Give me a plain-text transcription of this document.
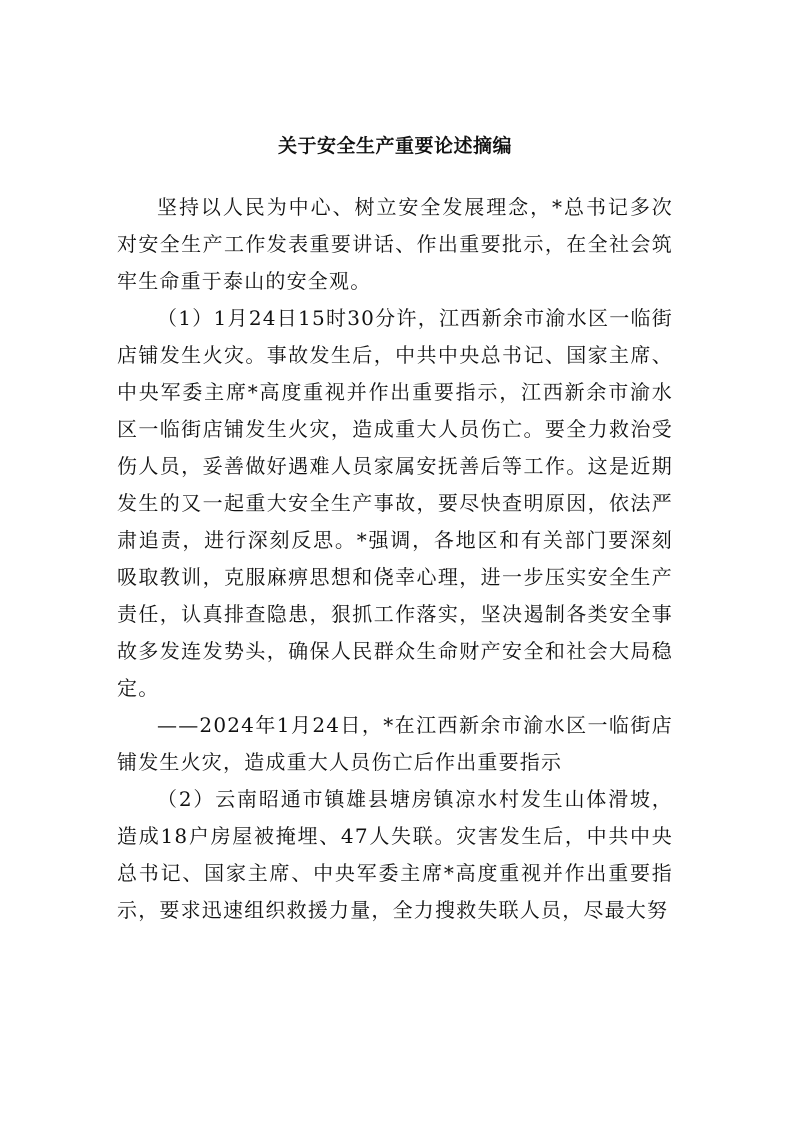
关于安全生产重要论述摘编

坚持以人民为中心、树立安全发展理念，*总书记多次对安全生产工作发表重要讲话、作出重要批示，在全社会筑牢生命重于泰山的安全观。

（1）1月24日15时30分许，江西新余市渝水区一临街店铺发生火灾。事故发生后，中共中央总书记、国家主席、中央军委主席*高度重视并作出重要指示，江西新余市渝水区一临街店铺发生火灾，造成重大人员伤亡。要全力救治受伤人员，妥善做好遇难人员家属安抚善后等工作。这是近期发生的又一起重大安全生产事故，要尽快查明原因，依法严肃追责，进行深刻反思。*强调，各地区和有关部门要深刻吸取教训，克服麻痹思想和侥幸心理，进一步压实安全生产责任，认真排查隐患，狠抓工作落实，坚决遏制各类安全事故多发连发势头，确保人民群众生命财产安全和社会大局稳定。

——2024年1月24日，*在江西新余市渝水区一临街店铺发生火灾，造成重大人员伤亡后作出重要指示

（2）云南昭通市镇雄县塘房镇凉水村发生山体滑坡，造成18户房屋被掩埋、47人失联。灾害发生后，中共中央总书记、国家主席、中央军委主席*高度重视并作出重要指示，要求迅速组织救援力量，全力搜救失联人员，尽最大努
